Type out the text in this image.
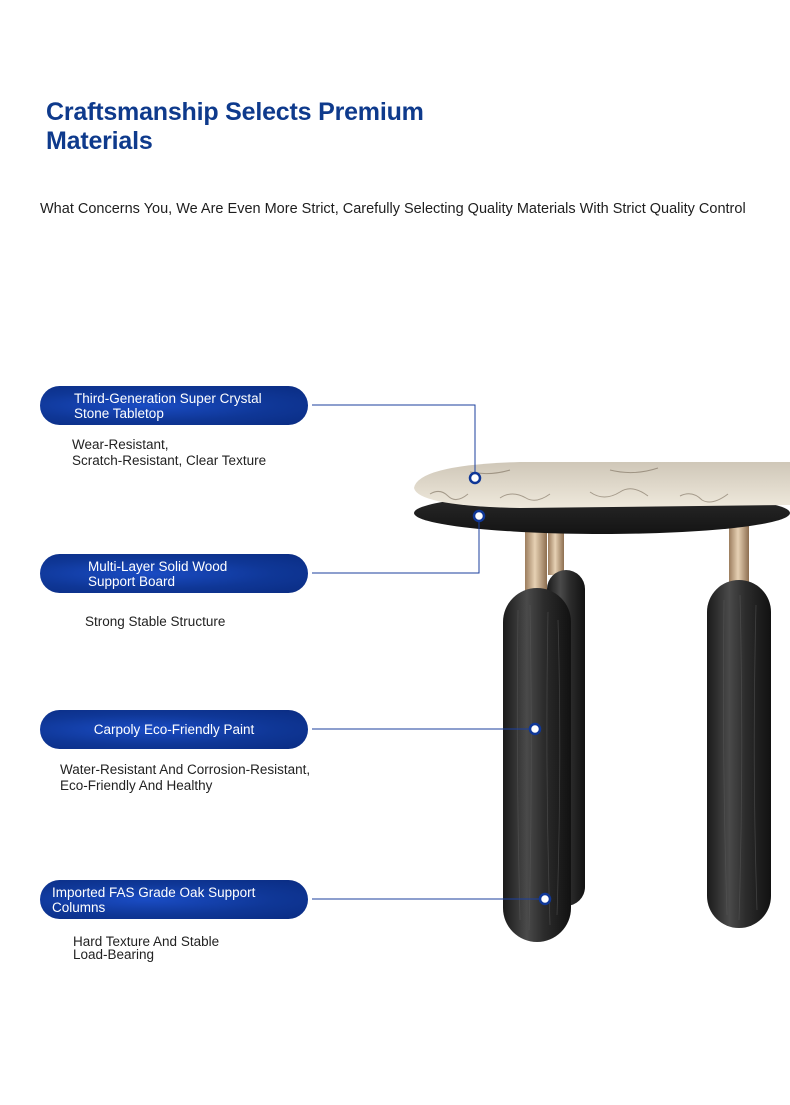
Craftsmanship Selects Premium Materials
What Concerns You, We Are Even More Strict, Carefully Selecting Quality Materials With Strict Quality Control
Third-Generation Super Crystal
Stone Tabletop
Wear-Resistant,
Scratch-Resistant, Clear Texture
Multi-Layer Solid Wood
Support Board
Strong Stable Structure
Carpoly Eco-Friendly Paint
Water-Resistant And Corrosion-Resistant,
Eco-Friendly And Healthy
Imported FAS Grade Oak Support
Columns
Hard Texture And Stable
Load-Bearing
